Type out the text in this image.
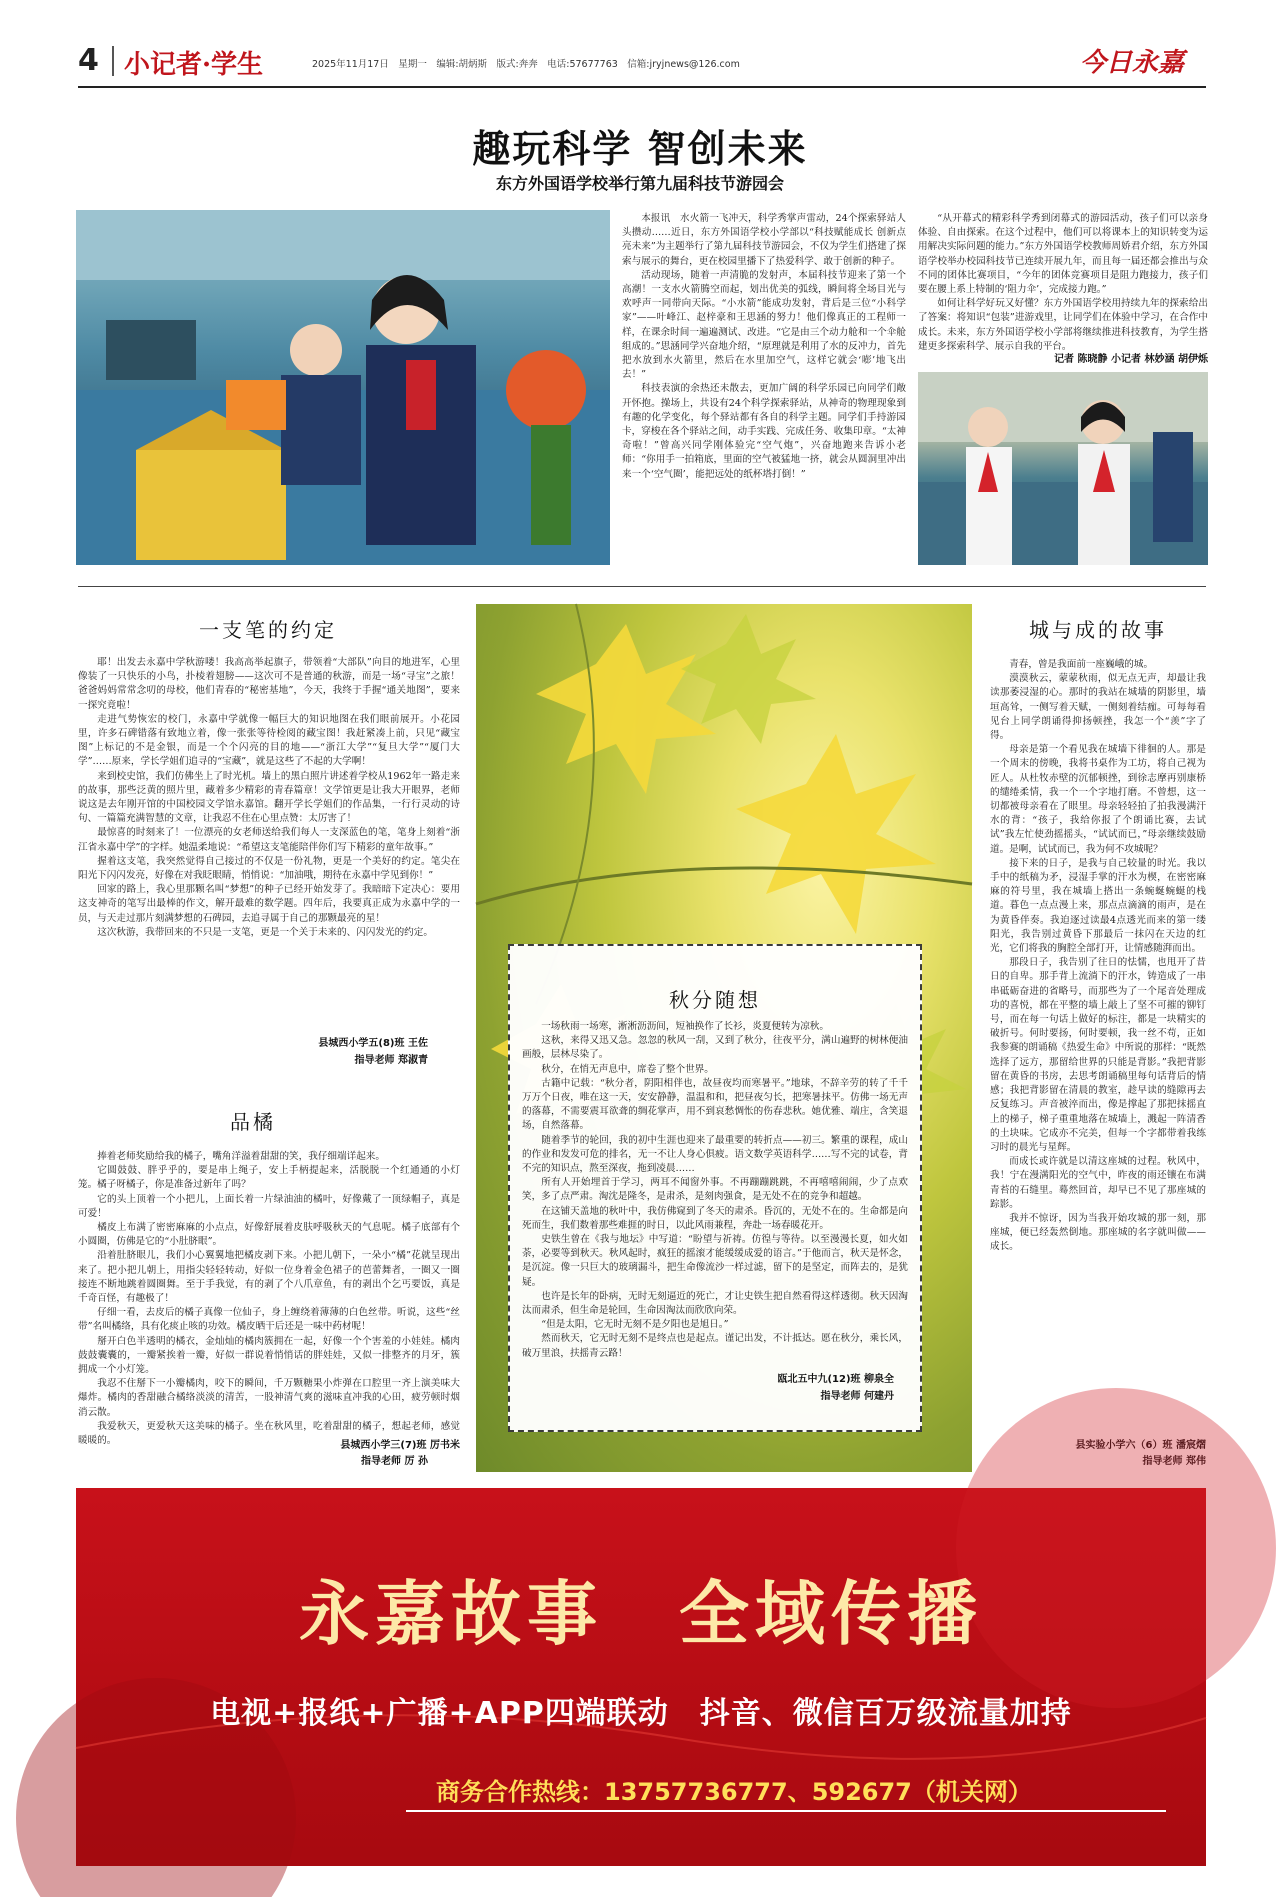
4 小记者·学生	2025年11月17日　星期一　编辑:胡炳斯　版式:奔奔　电话:57677763　信箱:jryjnews@126.com	今日永嘉
趣玩科学 智创未来
东方外国语学校举行第九届科技节游园会

本报讯　水火箭一飞冲天，科学秀掌声雷动，24个探索驿站人头攒动……近日，东方外国语学校小学部以“科技赋能成长 创新点亮未来”为主题举行了第九届科技节游园会，不仅为学生们搭建了探索与展示的舞台，更在校园里播下了热爱科学、敢于创新的种子。

活动现场，随着一声清脆的发射声，本届科技节迎来了第一个高潮！一支水火箭腾空而起，划出优美的弧线，瞬间将全场目光与欢呼声一同带向天际。“小水箭”能成功发射，背后是三位“小科学家”——叶峰江、赵梓豪和王思涵的努力！他们像真正的工程师一样，在课余时间一遍遍测试、改进。“它是由三个动力舱和一个伞舱组成的。”思涵同学兴奋地介绍，“原理就是利用了水的反冲力，首先把水放到水火箭里，然后在水里加空气，这样它就会‘嘭’地飞出去！”

科技表演的余热还未散去，更加广阔的科学乐园已向同学们敞开怀抱。操场上，共设有24个科学探索驿站，从神奇的物理现象到有趣的化学变化，每个驿站都有各自的科学主题。同学们手持游园卡，穿梭在各个驿站之间，动手实践、完成任务、收集印章。“太神奇啦！”曾高兴同学刚体验完“空气炮”，兴奋地跑来告诉小老师：“你用手一拍箱底，里面的空气被猛地一挤，就会从圆洞里冲出来一个‘空气圈’，能把远处的纸杯塔打倒！”

“从开幕式的精彩科学秀到闭幕式的游园活动，孩子们可以亲身体验、自由探索。在这个过程中，他们可以将课本上的知识转变为运用解决实际问题的能力。”东方外国语学校教师周娇君介绍，东方外国语学校举办校园科技节已连续开展九年，而且每一届还都会推出与众不同的团体比赛项目，“今年的团体竞赛项目是阻力跑接力，孩子们要在腰上系上特制的‘阻力伞’，完成接力跑。”

如何让科学好玩又好懂？东方外国语学校用持续九年的探索给出了答案：将知识“包装”进游戏里，让同学们在体验中学习，在合作中成长。未来，东方外国语学校小学部将继续推进科技教育，为学生搭建更多探索科学、展示自我的平台。

记者 陈晓静 小记者 林妙涵 胡伊烁
一支笔的约定

耶！出发去永嘉中学秋游喽！我高高举起旗子，带领着“大部队”向目的地进军，心里像装了一只快乐的小鸟，扑棱着翅膀——这次可不是普通的秋游，而是一场“寻宝”之旅！爸爸妈妈常常念叨的母校，他们青春的“秘密基地”，今天，我终于手握“通关地图”，要来一探究竟啦！

走进气势恢宏的校门，永嘉中学就像一幅巨大的知识地图在我们眼前展开。小花园里，许多石碑错落有致地立着，像一张张等待检阅的藏宝图！我赶紧凑上前，只见“藏宝图”上标记的不是金银，而是一个个闪亮的目的地——“浙江大学”“复旦大学”“厦门大学”……原来，学长学姐们追寻的“宝藏”，就是这些了不起的大学啊！

来到校史馆，我们仿佛坐上了时光机。墙上的黑白照片讲述着学校从1962年一路走来的故事，那些泛黄的照片里，藏着多少精彩的青春篇章！文学馆更是让我大开眼界，老师说这是去年刚开馆的中国校园文学馆永嘉馆。翻开学长学姐们的作品集，一行行灵动的诗句、一篇篇充满智慧的文章，让我忍不住在心里点赞：太厉害了！

最惊喜的时刻来了！一位漂亮的女老师送给我们每人一支深蓝色的笔，笔身上刻着“浙江省永嘉中学”的字样。她温柔地说：“希望这支笔能陪伴你们写下精彩的童年故事。”

握着这支笔，我突然觉得自己接过的不仅是一份礼物，更是一个美好的约定。笔尖在阳光下闪闪发亮，好像在对我眨眼睛，悄悄说：“加油哦，期待在永嘉中学见到你！”

回家的路上，我心里那颗名叫“梦想”的种子已经开始发芽了。我暗暗下定决心：要用这支神奇的笔写出最棒的作文，解开最难的数学题。四年后，我要真正成为永嘉中学的一员，与天走过那片刻满梦想的石碑园，去追寻属于自己的那颗最亮的星！

这次秋游，我带回来的不只是一支笔，更是一个关于未来的、闪闪发光的约定。

县城西小学五(8)班 王佐
指导老师 郑淑青
品橘

捧着老师奖励给我的橘子，嘴角洋溢着甜甜的笑，我仔细端详起来。

它圆鼓鼓、胖乎乎的，要是串上绳子，安上手柄提起来，活脱脱一个红通通的小灯笼。橘子呀橘子，你是准备过新年了吗？

它的头上顶着一个小把儿，上面长着一片绿油油的橘叶，好像戴了一顶绿帽子，真是可爱！

橘皮上布满了密密麻麻的小点点，好像舒展着皮肤呼吸秋天的气息呢。橘子底部有个小圆圈，仿佛是它的“小肚脐眼”。

沿着肚脐眼儿，我们小心翼翼地把橘皮剥下来。小把儿朝下，一朵小“橘”花就呈现出来了。把小把儿朝上，用指尖轻轻转动，好似一位身着金色裙子的芭蕾舞者，一圈又一圈接连不断地跳着圆圈舞。至于手我觉，有的剥了个八爪章鱼，有的剥出个乞丐要饭，真是千奇百怪，有趣极了！

仔细一看，去皮后的橘子真像一位仙子，身上缠绕着薄薄的白色丝带。听说，这些“丝带”名叫橘络，具有化痰止咳的功效。橘皮晒干后还是一味中药材呢！

掰开白色半透明的橘衣，金灿灿的橘肉簇拥在一起，好像一个个害羞的小娃娃。橘肉鼓鼓囊囊的，一瓣紧挨着一瓣，好似一群说着悄悄话的胖娃娃，又似一排整齐的月牙，簇拥成一个小灯笼。

我忍不住掰下一小瓣橘肉，咬下的瞬间，千万颗糖果小炸弹在口腔里一齐上演美味大爆炸。橘肉的香甜融合橘络淡淡的清苦，一股神清气爽的滋味直冲我的心田，疲劳顿时烟消云散。

我爱秋天，更爱秋天这美味的橘子。坐在秋风里，吃着甜甜的橘子，想起老师，感觉暖暖的。	县城西小学三(7)班 厉书米
指导老师 厉 孙
秋分随想

一场秋雨一场寒，淅淅沥沥间，短袖换作了长衫，炎夏便转为凉秋。

这秋，来得又迅又急。忽忽的秋风一刮，又到了秋分，往夜平分，满山遍野的树林便油画般，层林尽染了。

秋分，在悄无声息中，席卷了整个世界。

古籍中记载：“秋分者，阴阳相伴也，故昼夜均而寒暑平。”地球，不辞辛劳的转了千千万万个日夜，唯在这一天，安安静静，温温和和，把昼夜匀长，把寒暑抹平。仿佛一场无声的落幕，不需要震耳欲聋的绸花掌声，用不到哀愁惆怅的伤春悲秋。她优雅、端庄，含笑退场，自然落幕。

随着季节的轮回，我的初中生涯也迎来了最重要的转折点——初三。繁重的课程，成山的作业和发发可危的排名，无一不让人身心俱疲。语文数学英语科学……写不完的试卷，背不完的知识点，熬至深夜，拖到凌晨……

所有人开始埋首于学习，两耳不闻窗外事。不再蹦蹦跳跳，不再嘻嘻闹闹，少了点欢笑，多了点严肃。淘沈是隆冬，是肃杀，是刻肉强食，是无处不在的竞争和超越。

在这铺天盖地的秋叶中，我仿佛窥到了冬天的肃杀。昏沉的，无处不在的。生命都是向死而生，我们数着那些难捱的时日，以此风雨兼程，奔赴一场春暖花开。

史铁生曾在《我与地坛》中写道：“盼望与祈祷。仿徨与等待。以至漫漫长夏，如火如荼，必要等到秋天。秋风起时，疯狂的摇滚才能缓缓成爱的语言。”于他而言，秋天是怀念，是沉淀。像一只巨大的玻璃漏斗，把生命像流沙一样过滤，留下的是坚定，而阵去的，是犹疑。

也许是长年的卧病，无时无刻逼近的死亡，才让史铁生把自然看得这样透彻。秋天因淘汰而肃杀，但生命是轮回，生命因淘汰而欣欣向荣。

“但是太阳，它无时无刻不是夕阳也是旭日。”

然而秋天，它无时无刻不是终点也是起点。谨记出发，不计抵达。愿在秋分，乘长风，破万里浪，扶摇青云路！

瓯北五中九(12)班 柳泉全
指导老师 何建丹
城与成的故事

青春，曾是我面前一座巍峨的城。

漠漠秋云，蒙蒙秋雨，似无点无声，却最让我读那萎浸湿的心。那时的我站在城墙的阴影里，墙垣高耸，一侧写着天赋，一侧刻着结痂。可每每看见台上同学朗诵得抑扬顿挫，我怎一个“羡”字了得。

母亲是第一个看见我在城墙下徘徊的人。那是一个周末的傍晚，我将书桌作为工坊，将自己视为匠人。从杜牧赤壁的沉郁顿挫，到徐志摩再别康桥的缱绻柔情，我一个一个字地打磨。不曾想，这一切都被母亲看在了眼里。母亲轻轻拍了拍我漫满汗水的背：“孩子，我给你报了个朗诵比赛，去试试”我左忙使劲摇摇头，“试试而已，”母亲继续鼓励道。是啊，试试而已，我为何不攻城呢？

接下来的日子，是我与自己较量的时光。我以手中的纸稿为矛，浸湿手掌的汗水为楔，在密密麻麻的符号里，我在城墙上搭出一条蜿蜒蜿蜒的栈道。暮色一点点漫上来，那点点滴滴的雨声，是在为黄昏伴奏。我迫逐过读最4点透光而来的第一缕阳光，我告别过黄昏下那最后一抹闪在天边的红光，它们将我的胸腔全部打开，让情感随湃而出。

那段日子，我告别了往日的怯懦，也甩开了昔日的自卑。那手背上流淌下的汗水，铸造成了一串串砥砺奋进的省略号，而那些为了一个尾音处理成功的喜悦，都在平整的墙上敲上了坚不可摧的铆钉号，而在每一句话上做好的标注，都是一块精实的破折号。何时要扬，何时要顿，我一丝不苟，正如我参赛的朗诵稿《热爱生命》中所说的那样：“既然选择了远方，那留给世界的只能是背影。”我把背影留在黄昏的书房，去思考朗诵稿里每句话背后的情感；我把背影留在清晨的教室，趁早读的缝隙再去反复练习。声音被淬而出，像是撑起了那把抹摇直上的梯子，梯子重重地落在城墙上，溅起一阵清香的土块味。它成亦不完美，但每一个字都带着我练习时的晨光与星辉。

而成长或许就是以清这座城的过程。秋风中，我！宁在漫满阳光的空气中，昨夜的雨还镶在布满青苔的石缝里。蓦然回首，却早已不见了那座城的踪影。

我并不惊讶，因为当我开始攻城的那一刻，那座城，便已经轰然倒地。那座城的名字就叫做——成长。

县实验小学六（6）班 潘宸熠
指导老师 郑伟
永嘉故事　全域传播
电视+报纸+广播+APP四端联动　抖音、微信百万级流量加持
商务合作热线：13757736777、592677（机关网）
